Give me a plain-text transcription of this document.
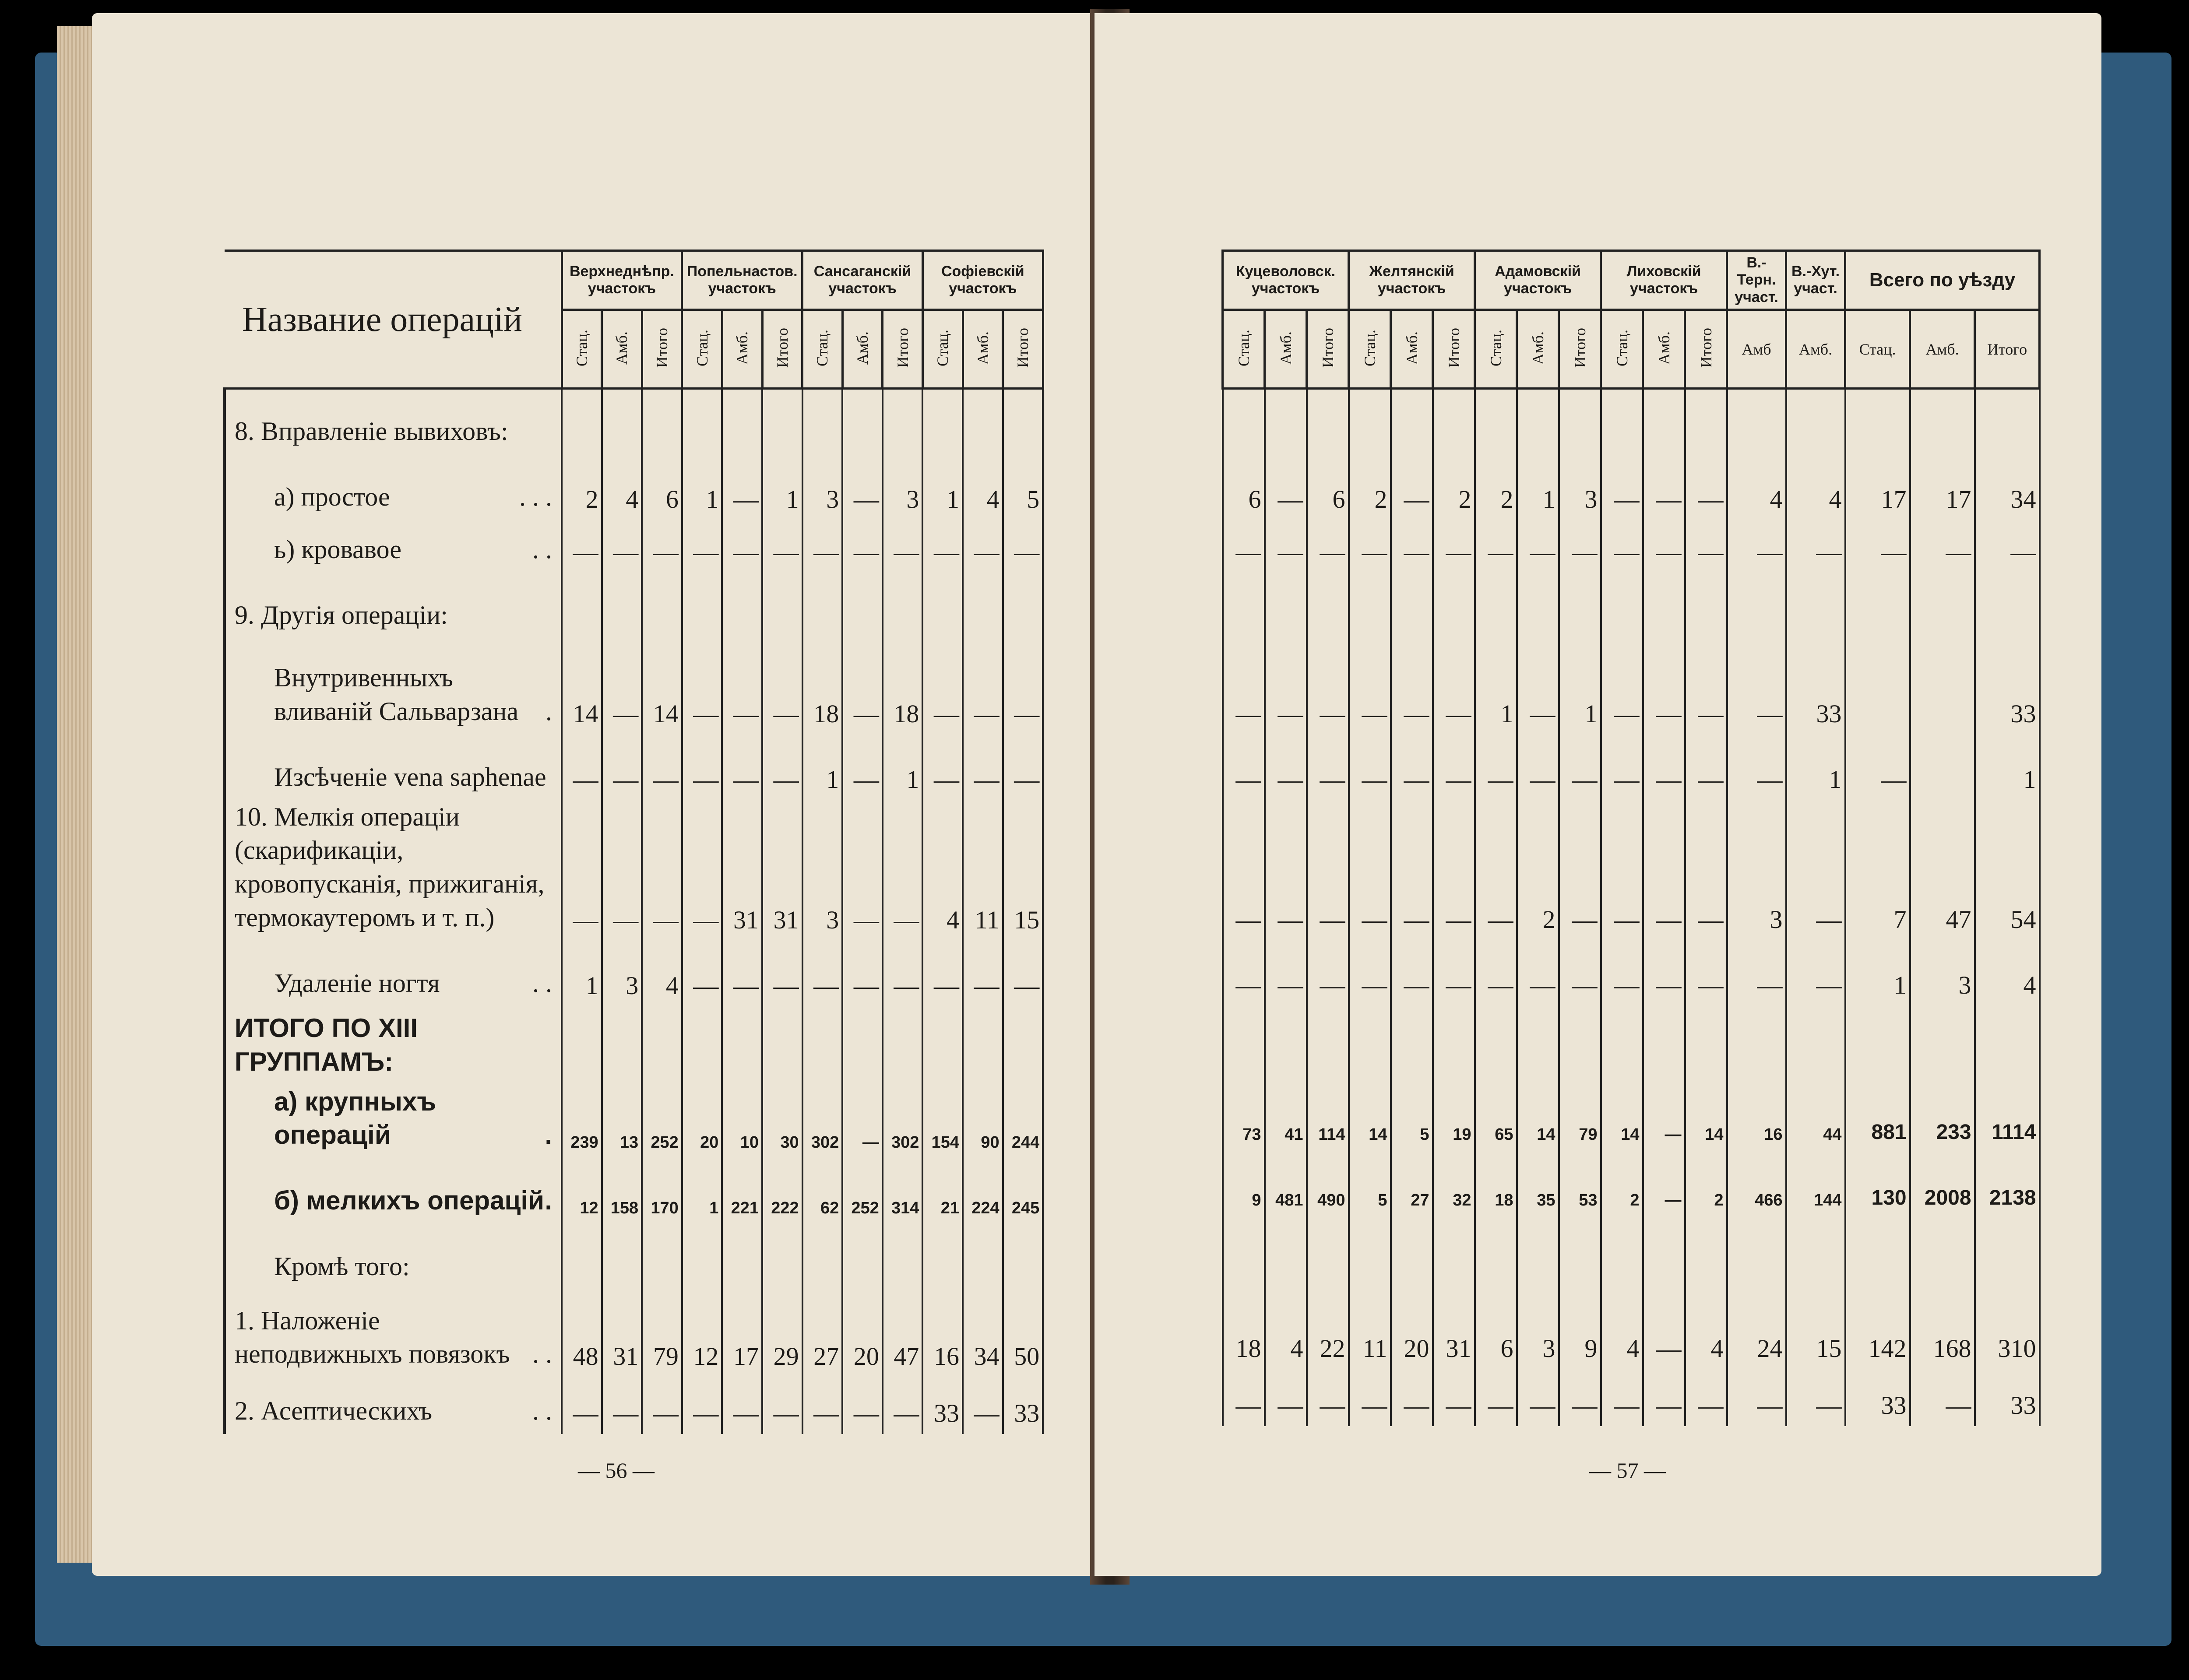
Название операцiй	Верхнеднѣпр. участокъ			Попельнастов. участокъ			Сансаганскiй участокъ			Софiевскiй участокъ		
	Стац.	Амб.	Итого	Стац.	Амб.	Итого	Стац.	Амб.	Итого	Стац.	Амб.	Итого
8. Вправленiе вывиховъ:												
а) простое . . .	2	4	6	1	—	1	3	—	3	1	4	5
ь) кровавое . .	—	—	—	—	—	—	—	—	—	—	—	—
9. Другiя операцiи:												
Внутривенныхъ вливанiй Сальварзана .	14	—	14	—	—	—	18	—	18	—	—	—
Изсѣченiе vena saphenae	—	—	—	—	—	—	1	—	1	—	—	—
10. Мелкiя операцiи (скарификацiи, кровопусканiя, прижиганiя, термокаутеромъ и т. п.)	—	—	—	—	31	31	3	—	—	4	11	15
Удаленiе ногтя . .	1	3	4	—	—	—	—	—	—	—	—	—
ИТОГО ПО XIII ГРУППАМЪ:												
а) крупныхъ операцiй .	239	13	252	20	10	30	302	—	302	154	90	244
б) мелкихъ операцiй .	12	158	170	1	221	222	62	252	314	21	224	245
Кромѣ того:												
1. Наложенiе неподвижныхъ повязокъ . .	48	31	79	12	17	29	27	20	47	16	34	50
2. Асептическихъ . .	—	—	—	—	—	—	—	—	—	33	—	33
— 56 —
Куцеволовск. участокъ			Желтянскiй участокъ			Адамовскiй участокъ			Лиховскiй участокъ			В.-Терн. участ.	В.-Хут. участ.	Всего по уѣзду		
Стац.	Амб.	Итого	Стац.	Амб.	Итого	Стац.	Амб.	Итого	Стац.	Амб.	Итого	Амб	Амб.	Стац.	Амб.	Итого

6	—	6	2	—	2	2	1	3	—	—	—	4	4	17	17	34
—	—	—	—	—	—	—	—	—	—	—	—	—	—	—	—	—

—	—	—	—	—	—	1	—	1	—	—	—	—	33			33
—	—	—	—	—	—	—	—	—	—	—	—	—	1	—		1
—	—	—	—	—	—	—	2	—	—	—	—	3	—	7	47	54
—	—	—	—	—	—	—	—	—	—	—	—	—	—	1	3	4

73	41	114	14	5	19	65	14	79	14	—	14	16	44	881	233	1114
9	481	490	5	27	32	18	35	53	2	—	2	466	144	130	2008	2138

18	4	22	11	20	31	6	3	9	4	—	4	24	15	142	168	310
—	—	—	—	—	—	—	—	—	—	—	—	—	—	33	—	33
— 57 —
